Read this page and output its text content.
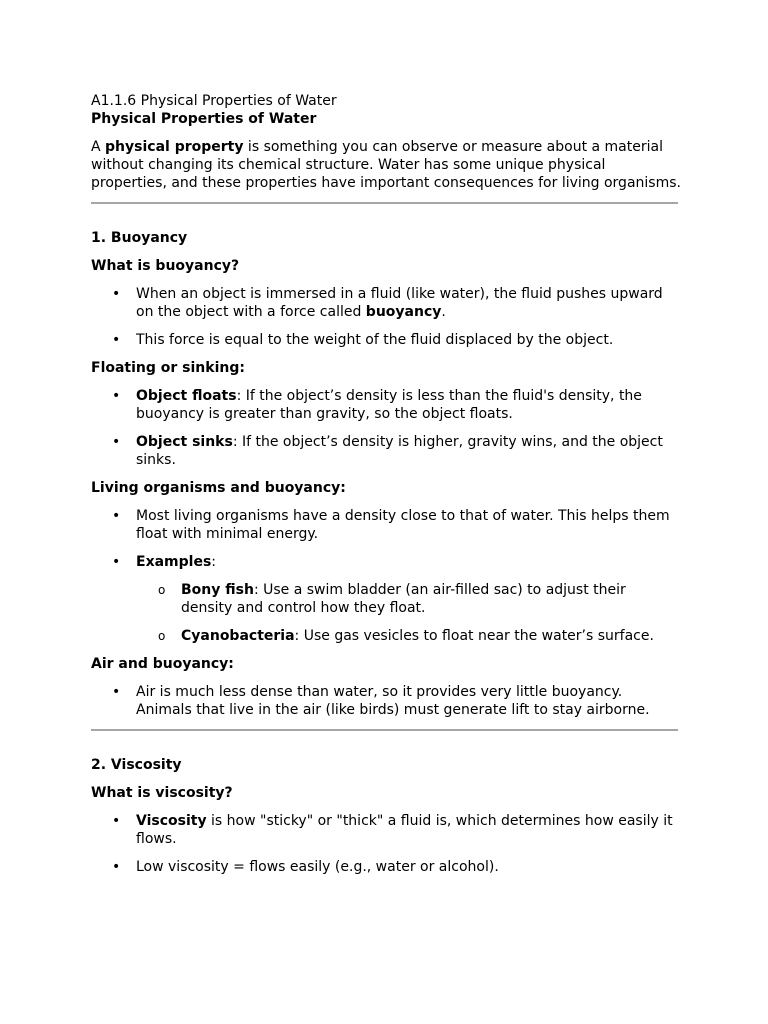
A1.1.6 Physical Properties of Water

Physical Properties of Water

A physical property is something you can observe or measure about a material without changing its chemical structure. Water has some unique physical properties, and these properties have important consequences for living organisms.

1. Buoyancy

What is buoyancy?

• When an object is immersed in a fluid (like water), the fluid pushes upward on the object with a force called buoyancy.
• This force is equal to the weight of the fluid displaced by the object.

Floating or sinking:

• Object floats: If the object’s density is less than the fluid's density, the buoyancy is greater than gravity, so the object floats.
• Object sinks: If the object’s density is higher, gravity wins, and the object sinks.

Living organisms and buoyancy:

• Most living organisms have a density close to that of water. This helps them float with minimal energy.
• Examples:
o Bony fish: Use a swim bladder (an air-filled sac) to adjust their density and control how they float.
o Cyanobacteria: Use gas vesicles to float near the water’s surface.

Air and buoyancy:

• Air is much less dense than water, so it provides very little buoyancy. Animals that live in the air (like birds) must generate lift to stay airborne.

2. Viscosity

What is viscosity?

• Viscosity is how "sticky" or "thick" a fluid is, which determines how easily it flows.
• Low viscosity = flows easily (e.g., water or alcohol).
